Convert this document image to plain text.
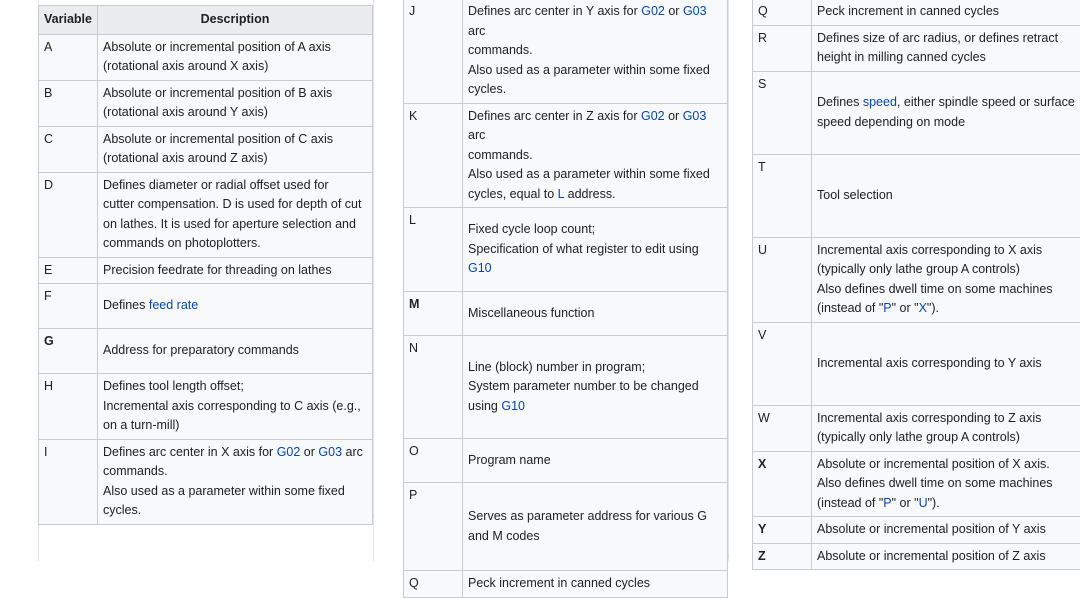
Variable	Description
A	Absolute or incremental position of A axis
(rotational axis around X axis)
B	Absolute or incremental position of B axis
(rotational axis around Y axis)
C	Absolute or incremental position of C axis
(rotational axis around Z axis)
D	Defines diameter or radial offset used for
cutter compensation. D is used for depth of cut
on lathes. It is used for aperture selection and
commands on photoplotters.
E	Precision feedrate for threading on lathes
F	Defines feed rate
G	Address for preparatory commands
H	Defines tool length offset;
Incremental axis corresponding to C axis (e.g.,
on a turn-mill)
I	Defines arc center in X axis for G02 or G03 arc
commands.
Also used as a parameter within some fixed
cycles.
J	Defines arc center in Y axis for G02 or G03 arc
commands.
Also used as a parameter within some fixed
cycles.
K	Defines arc center in Z axis for G02 or G03 arc
commands.
Also used as a parameter within some fixed
cycles, equal to L address.
L	Fixed cycle loop count;
Specification of what register to edit using G10
M	Miscellaneous function
N	Line (block) number in program;
System parameter number to be changed
using G10
O	Program name
P	Serves as parameter address for various G
and M codes
Q	Peck increment in canned cycles
Q	Peck increment in canned cycles
R	Defines size of arc radius, or defines retract
height in milling canned cycles
S	Defines speed, either spindle speed or surface
speed depending on mode
T	Tool selection
U	Incremental axis corresponding to X axis
(typically only lathe group A controls)
Also defines dwell time on some machines
(instead of "P" or "X").
V	Incremental axis corresponding to Y axis
W	Incremental axis corresponding to Z axis
(typically only lathe group A controls)
X	Absolute or incremental position of X axis.
Also defines dwell time on some machines
(instead of "P" or "U").
Y	Absolute or incremental position of Y axis
Z	Absolute or incremental position of Z axis
